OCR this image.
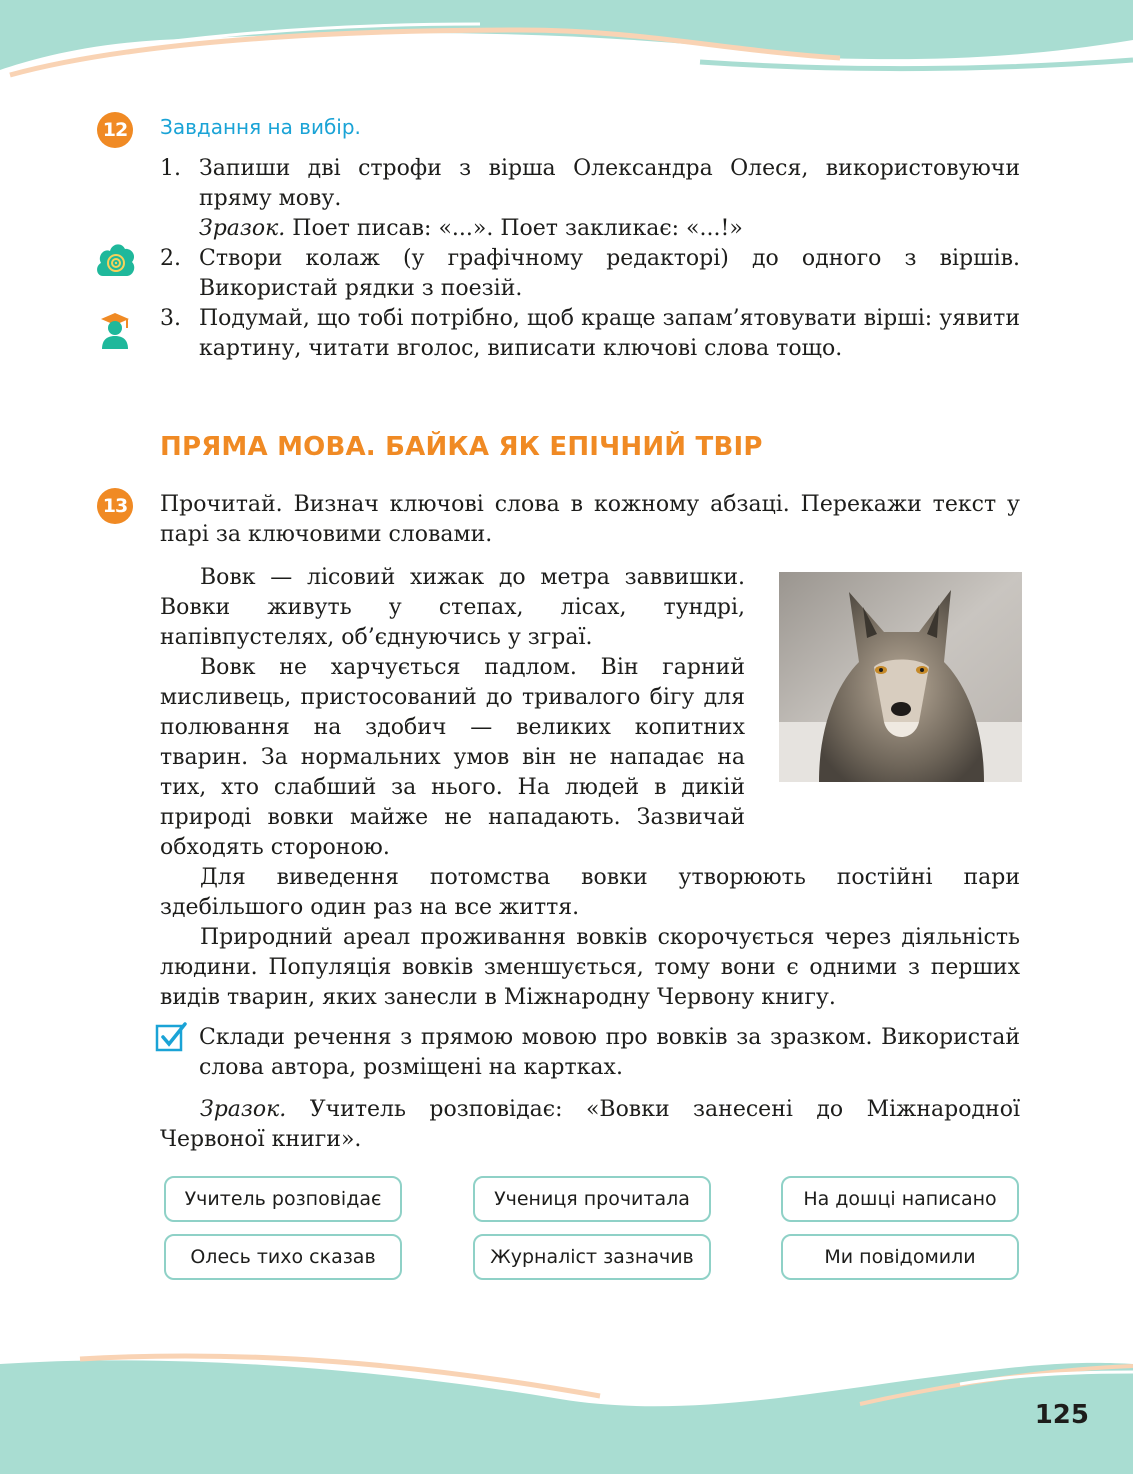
12 Завдання на вибір.
1. Запиши дві строфи з вірша Олександра Олеся, використовуючи пряму мову.
Зразок. Поет писав: «...». Поет закликає: «...!»
2. Створи колаж (у графічному редакторі) до одного з віршів. Використай рядки з поезій.
3. Подумай, що тобі потрібно, щоб краще запам’ятовувати вірші: уявити картину, читати вголос, виписати ключові слова тощо.
ПРЯМА МОВА. БАЙКА ЯК ЕПІЧНИЙ ТВІР
13 Прочитай. Визнач ключові слова в кожному абзаці. Перекажи текст у парі за ключовими словами.

Вовк — лісовий хижак до метра заввишки. Вовки живуть у степах, лісах, тундрі, напівпустелях, об’єднуючись у зграї.

Вовк не харчується падлом. Він гарний мисливець, пристосований до тривалого бігу для полювання на здобич — великих копитних тварин. За нормальних умов він не нападає на тих, хто слабший за нього. На людей в дикій природі вовки майже не нападають. Зазвичай обходять стороною.

Для виведення потомства вовки утворюють постійні пари здебільшого один раз на все життя.

Природний ареал проживання вовків скорочується через діяльність людини. Популяція вовків зменшується, тому вони є одними з перших видів тварин, яких занесли в Міжнародну Червону книгу.

Склади речення з прямою мовою про вовків за зразком. Використай слова автора, розміщені на картках.

Зразок. Учитель розповідає: «Вовки занесені до Міжнародної Червоної книги».

Учитель розповідає	Учениця прочитала	На дошці написано
Олесь тихо сказав	Журналіст зазначив	Ми повідомили
125
